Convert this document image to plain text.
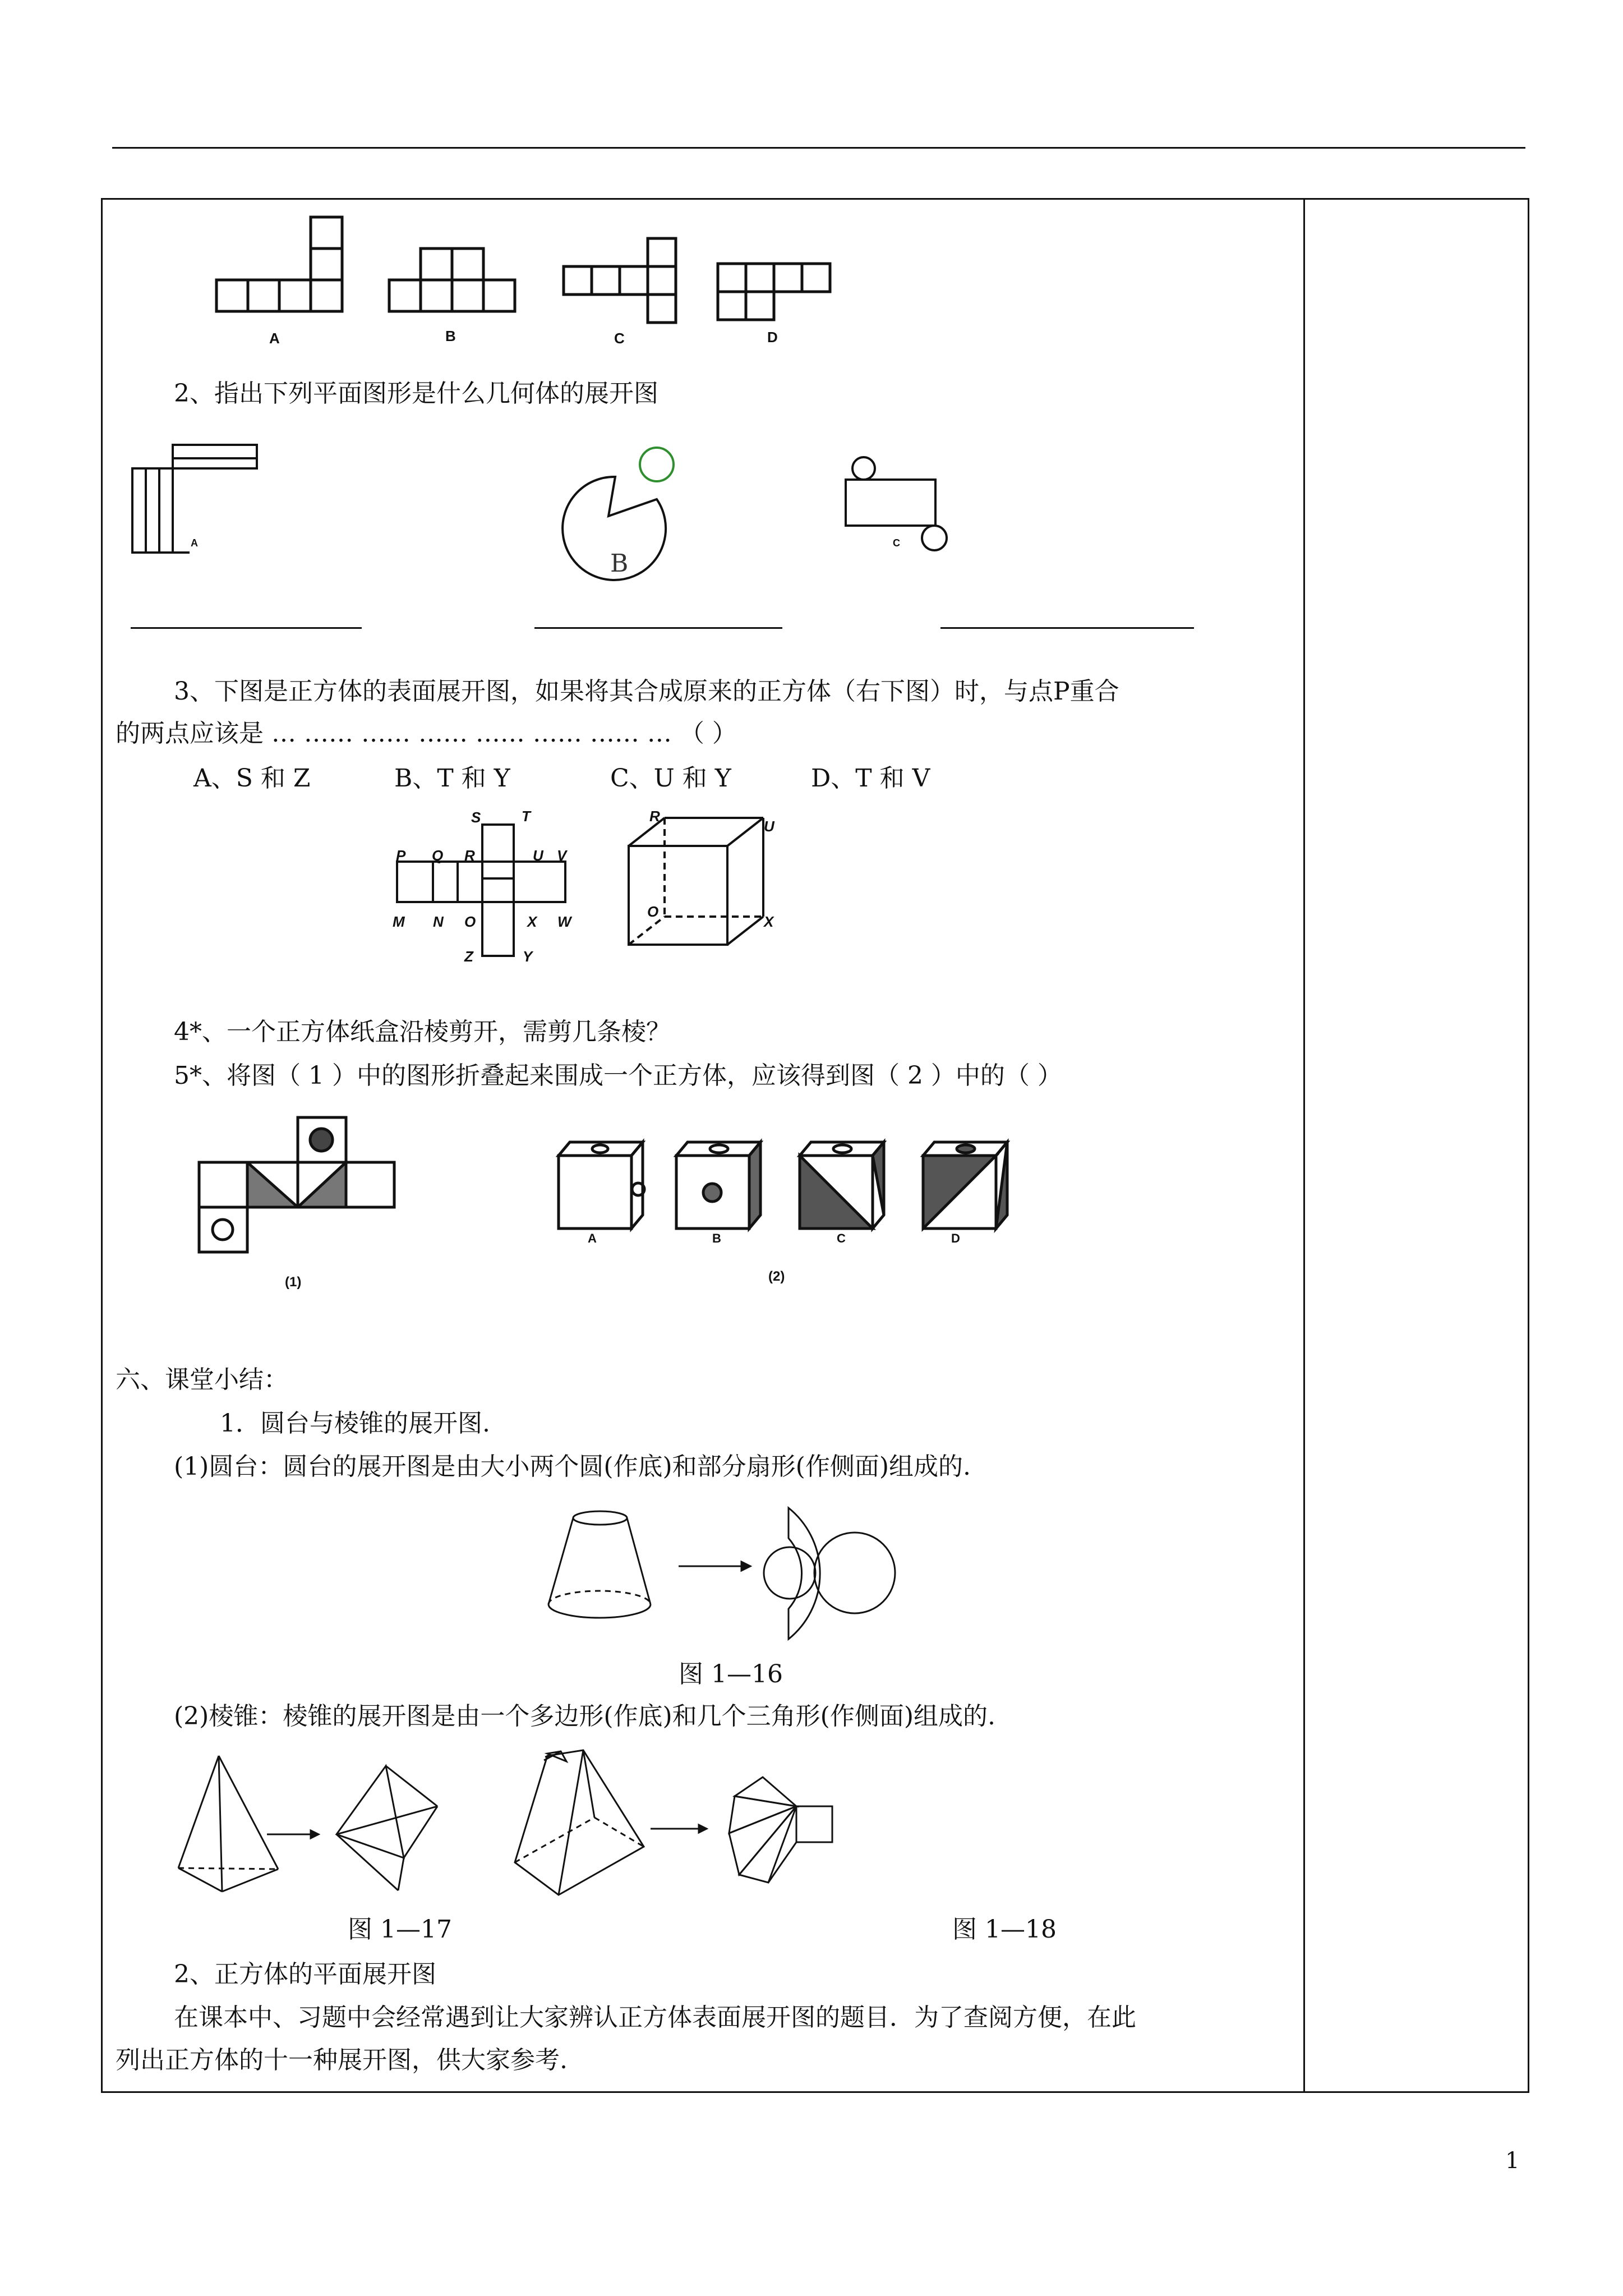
A	B	C	D
2、指出下列平面图形是什么几何体的展开图
A
B
C
3、下图是正方体的表面展开图，如果将其合成原来的正方体（右下图）时，与点P重合
的两点应该是 … …… …… …… …… …… …… … （ ）
A、S 和 Z	B、T 和 Y	C、U 和 Y	D、T 和 V
S	T
P Q R	U V
M N O	X W
Z	Y
R
U
O
X
4*、一个正方体纸盒沿棱剪开，需剪几条棱？
5*、将图（ 1 ）中的图形折叠起来围成一个正方体，应该得到图（ 2 ）中的（ ）
(1)
A	B	C	D
(2)
六、课堂小结：
1．圆台与棱锥的展开图.
(1)圆台：圆台的展开图是由大小两个圆(作底)和部分扇形(作侧面)组成的.
图 1—16
(2)棱锥：棱锥的展开图是由一个多边形(作底)和几个三角形(作侧面)组成的.
图 1—17	图 1—18
2、正方体的平面展开图
在课本中、习题中会经常遇到让大家辨认正方体表面展开图的题目．为了查阅方便，在此
列出正方体的十一种展开图，供大家参考.
1
